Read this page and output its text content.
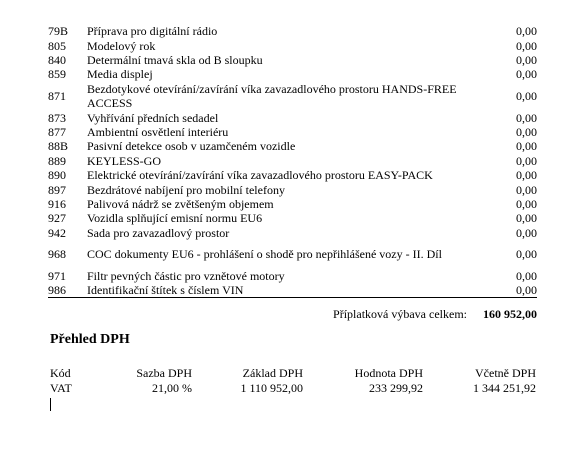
79B	Příprava pro digitální rádio	0,00
805	Modelový rok	0,00
840	Determální tmavá skla od B sloupku	0,00
859	Media displej	0,00
871	Bezdotykové otevírání/zavírání víka zavazadlového prostoru HANDS-FREE ACCESS	0,00
873	Vyhřívání předních sedadel	0,00
877	Ambientní osvětlení interiéru	0,00
88B	Pasivní detekce osob v uzamčeném vozidle	0,00
889	KEYLESS-GO	0,00
890	Elektrické otevírání/zavírání víka zavazadlového prostoru EASY-PACK	0,00
897	Bezdrátové nabíjení pro mobilní telefony	0,00
916	Palivová nádrž se zvětšeným objemem	0,00
927	Vozidla splňující emisní normu EU6	0,00
942	Sada pro zavazadlový prostor	0,00
968	COC dokumenty EU6 - prohlášení o shodě pro nepřihlášené vozy - II. Díl	0,00
971	Filtr pevných částic pro vznětové motory	0,00
986	Identifikační štítek s číslem VIN	0,00
Příplatková výbava celkem: 160 952,00
Přehled DPH
Kód	Sazba DPH	Základ DPH	Hodnota DPH	Včetně DPH
VAT	21,00 %	1 110 952,00	233 299,92	1 344 251,92
